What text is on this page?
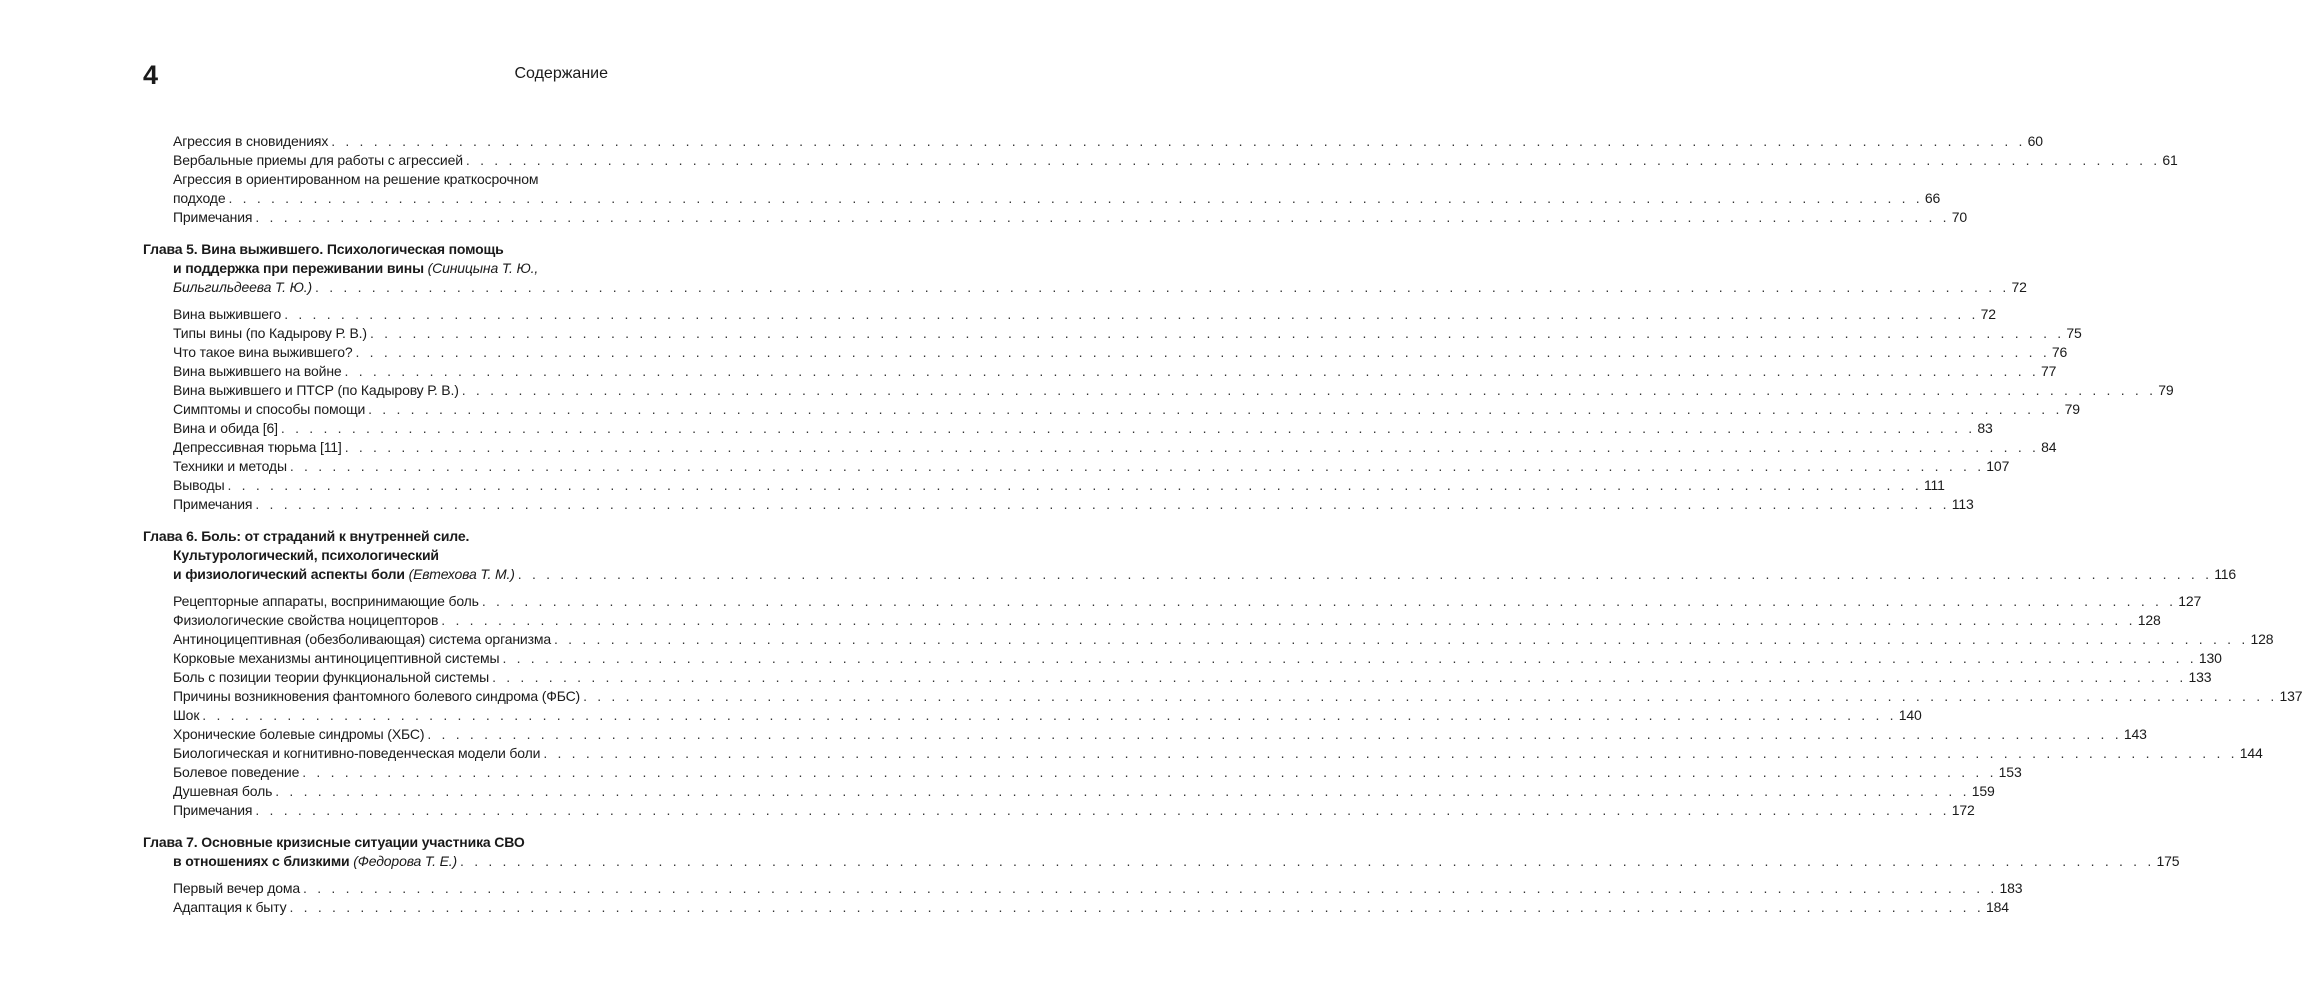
4	Содержание
Агрессия в сновидениях . . . . . . . . . . . . . . . . . . . . . . . . . . . . . . . . . . . . . . . . . . . . . . . . . . . . . . . . . . . . . . . . . . . . . . . . . . . . . . . . . . . . . . . . . . . . . . . . . . . . . . . . . . . . . . . . . . . . . . . . 60
Вербальные приемы для работы с агрессией . . . . . . . . . . . . . . . . . . . . . . . . . . . . . . . . . . . . . . . . . . . . . . . . . . . . . . . . . . . . . . . . . . . . . . . . . . . . . . . . . . . . . . . . . . . . . . . . . . . . . . . . . . . . . . . . . . . . . . . . 61
Агрессия в ориентированном на решение краткосрочном
подходе . . . . . . . . . . . . . . . . . . . . . . . . . . . . . . . . . . . . . . . . . . . . . . . . . . . . . . . . . . . . . . . . . . . . . . . . . . . . . . . . . . . . . . . . . . . . . . . . . . . . . . . . . . . . . . . . . . . . . . . . 66
Примечания . . . . . . . . . . . . . . . . . . . . . . . . . . . . . . . . . . . . . . . . . . . . . . . . . . . . . . . . . . . . . . . . . . . . . . . . . . . . . . . . . . . . . . . . . . . . . . . . . . . . . . . . . . . . . . . . . . . . . . . . 70
Глава 5. Вина выжившего. Психологическая помощь
и поддержка при переживании вины (Синицына Т. Ю.,
Бильгильдеева Т. Ю.) . . . . . . . . . . . . . . . . . . . . . . . . . . . . . . . . . . . . . . . . . . . . . . . . . . . . . . . . . . . . . . . . . . . . . . . . . . . . . . . . . . . . . . . . . . . . . . . . . . . . . . . . . . . . . . . . . . . . . . . . 72
Вина выжившего . . . . . . . . . . . . . . . . . . . . . . . . . . . . . . . . . . . . . . . . . . . . . . . . . . . . . . . . . . . . . . . . . . . . . . . . . . . . . . . . . . . . . . . . . . . . . . . . . . . . . . . . . . . . . . . . . . . . . . . . 72
Типы вины (по Кадырову Р. В.) . . . . . . . . . . . . . . . . . . . . . . . . . . . . . . . . . . . . . . . . . . . . . . . . . . . . . . . . . . . . . . . . . . . . . . . . . . . . . . . . . . . . . . . . . . . . . . . . . . . . . . . . . . . . . . . . . . . . . . . . 75
Что такое вина выжившего? . . . . . . . . . . . . . . . . . . . . . . . . . . . . . . . . . . . . . . . . . . . . . . . . . . . . . . . . . . . . . . . . . . . . . . . . . . . . . . . . . . . . . . . . . . . . . . . . . . . . . . . . . . . . . . . . . . . . . . . . 76
Вина выжившего на войне . . . . . . . . . . . . . . . . . . . . . . . . . . . . . . . . . . . . . . . . . . . . . . . . . . . . . . . . . . . . . . . . . . . . . . . . . . . . . . . . . . . . . . . . . . . . . . . . . . . . . . . . . . . . . . . . . . . . . . . . 77
Вина выжившего и ПТСР (по Кадырову Р. В.) . . . . . . . . . . . . . . . . . . . . . . . . . . . . . . . . . . . . . . . . . . . . . . . . . . . . . . . . . . . . . . . . . . . . . . . . . . . . . . . . . . . . . . . . . . . . . . . . . . . . . . . . . . . . . . . . . . . . . . . . 79
Симптомы и способы помощи . . . . . . . . . . . . . . . . . . . . . . . . . . . . . . . . . . . . . . . . . . . . . . . . . . . . . . . . . . . . . . . . . . . . . . . . . . . . . . . . . . . . . . . . . . . . . . . . . . . . . . . . . . . . . . . . . . . . . . . . 79
Вина и обида [6] . . . . . . . . . . . . . . . . . . . . . . . . . . . . . . . . . . . . . . . . . . . . . . . . . . . . . . . . . . . . . . . . . . . . . . . . . . . . . . . . . . . . . . . . . . . . . . . . . . . . . . . . . . . . . . . . . . . . . . . . 83
Депрессивная тюрьма [11] . . . . . . . . . . . . . . . . . . . . . . . . . . . . . . . . . . . . . . . . . . . . . . . . . . . . . . . . . . . . . . . . . . . . . . . . . . . . . . . . . . . . . . . . . . . . . . . . . . . . . . . . . . . . . . . . . . . . . . . . 84
Техники и методы . . . . . . . . . . . . . . . . . . . . . . . . . . . . . . . . . . . . . . . . . . . . . . . . . . . . . . . . . . . . . . . . . . . . . . . . . . . . . . . . . . . . . . . . . . . . . . . . . . . . . . . . . . . . . . . . . . . . . . . . 107
Выводы . . . . . . . . . . . . . . . . . . . . . . . . . . . . . . . . . . . . . . . . . . . . . . . . . . . . . . . . . . . . . . . . . . . . . . . . . . . . . . . . . . . . . . . . . . . . . . . . . . . . . . . . . . . . . . . . . . . . . . . . 111
Примечания . . . . . . . . . . . . . . . . . . . . . . . . . . . . . . . . . . . . . . . . . . . . . . . . . . . . . . . . . . . . . . . . . . . . . . . . . . . . . . . . . . . . . . . . . . . . . . . . . . . . . . . . . . . . . . . . . . . . . . . . 113
Глава 6. Боль: от страданий к внутренней силе.
Культурологический, психологический
и физиологический аспекты боли (Евтехова Т. М.) . . . . . . . . . . . . . . . . . . . . . . . . . . . . . . . . . . . . . . . . . . . . . . . . . . . . . . . . . . . . . . . . . . . . . . . . . . . . . . . . . . . . . . . . . . . . . . . . . . . . . . . . . . . . . . . . . . . . . . . . 116
Рецепторные аппараты, воспринимающие боль . . . . . . . . . . . . . . . . . . . . . . . . . . . . . . . . . . . . . . . . . . . . . . . . . . . . . . . . . . . . . . . . . . . . . . . . . . . . . . . . . . . . . . . . . . . . . . . . . . . . . . . . . . . . . . . . . . . . . . . . 127
Физиологические свойства ноцицепторов . . . . . . . . . . . . . . . . . . . . . . . . . . . . . . . . . . . . . . . . . . . . . . . . . . . . . . . . . . . . . . . . . . . . . . . . . . . . . . . . . . . . . . . . . . . . . . . . . . . . . . . . . . . . . . . . . . . . . . . . 128
Антиноцицептивная (обезболивающая) система организма . . . . . . . . . . . . . . . . . . . . . . . . . . . . . . . . . . . . . . . . . . . . . . . . . . . . . . . . . . . . . . . . . . . . . . . . . . . . . . . . . . . . . . . . . . . . . . . . . . . . . . . . . . . . . . . . . . . . . . . . 128
Корковые механизмы антиноцицептивной системы . . . . . . . . . . . . . . . . . . . . . . . . . . . . . . . . . . . . . . . . . . . . . . . . . . . . . . . . . . . . . . . . . . . . . . . . . . . . . . . . . . . . . . . . . . . . . . . . . . . . . . . . . . . . . . . . . . . . . . . . 130
Боль с позиции теории функциональной системы . . . . . . . . . . . . . . . . . . . . . . . . . . . . . . . . . . . . . . . . . . . . . . . . . . . . . . . . . . . . . . . . . . . . . . . . . . . . . . . . . . . . . . . . . . . . . . . . . . . . . . . . . . . . . . . . . . . . . . . . 133
Причины возникновения фантомного болевого синдрома (ФБС) . . . . . . . . . . . . . . . . . . . . . . . . . . . . . . . . . . . . . . . . . . . . . . . . . . . . . . . . . . . . . . . . . . . . . . . . . . . . . . . . . . . . . . . . . . . . . . . . . . . . . . . . . . . . . . . . . . . . . . . . 137
Шок . . . . . . . . . . . . . . . . . . . . . . . . . . . . . . . . . . . . . . . . . . . . . . . . . . . . . . . . . . . . . . . . . . . . . . . . . . . . . . . . . . . . . . . . . . . . . . . . . . . . . . . . . . . . . . . . . . . . . . . . 140
Хронические болевые синдромы (ХБС) . . . . . . . . . . . . . . . . . . . . . . . . . . . . . . . . . . . . . . . . . . . . . . . . . . . . . . . . . . . . . . . . . . . . . . . . . . . . . . . . . . . . . . . . . . . . . . . . . . . . . . . . . . . . . . . . . . . . . . . . 143
Биологическая и когнитивно-поведенческая модели боли . . . . . . . . . . . . . . . . . . . . . . . . . . . . . . . . . . . . . . . . . . . . . . . . . . . . . . . . . . . . . . . . . . . . . . . . . . . . . . . . . . . . . . . . . . . . . . . . . . . . . . . . . . . . . . . . . . . . . . . . 144
Болевое поведение . . . . . . . . . . . . . . . . . . . . . . . . . . . . . . . . . . . . . . . . . . . . . . . . . . . . . . . . . . . . . . . . . . . . . . . . . . . . . . . . . . . . . . . . . . . . . . . . . . . . . . . . . . . . . . . . . . . . . . . . 153
Душевная боль . . . . . . . . . . . . . . . . . . . . . . . . . . . . . . . . . . . . . . . . . . . . . . . . . . . . . . . . . . . . . . . . . . . . . . . . . . . . . . . . . . . . . . . . . . . . . . . . . . . . . . . . . . . . . . . . . . . . . . . . 159
Примечания . . . . . . . . . . . . . . . . . . . . . . . . . . . . . . . . . . . . . . . . . . . . . . . . . . . . . . . . . . . . . . . . . . . . . . . . . . . . . . . . . . . . . . . . . . . . . . . . . . . . . . . . . . . . . . . . . . . . . . . . 172
Глава 7. Основные кризисные ситуации участника СВО
в отношениях с близкими (Федорова Т. Е.) . . . . . . . . . . . . . . . . . . . . . . . . . . . . . . . . . . . . . . . . . . . . . . . . . . . . . . . . . . . . . . . . . . . . . . . . . . . . . . . . . . . . . . . . . . . . . . . . . . . . . . . . . . . . . . . . . . . . . . . . 175
Первый вечер дома . . . . . . . . . . . . . . . . . . . . . . . . . . . . . . . . . . . . . . . . . . . . . . . . . . . . . . . . . . . . . . . . . . . . . . . . . . . . . . . . . . . . . . . . . . . . . . . . . . . . . . . . . . . . . . . . . . . . . . . . 183
Адаптация к быту . . . . . . . . . . . . . . . . . . . . . . . . . . . . . . . . . . . . . . . . . . . . . . . . . . . . . . . . . . . . . . . . . . . . . . . . . . . . . . . . . . . . . . . . . . . . . . . . . . . . . . . . . . . . . . . . . . . . . . . . 184
